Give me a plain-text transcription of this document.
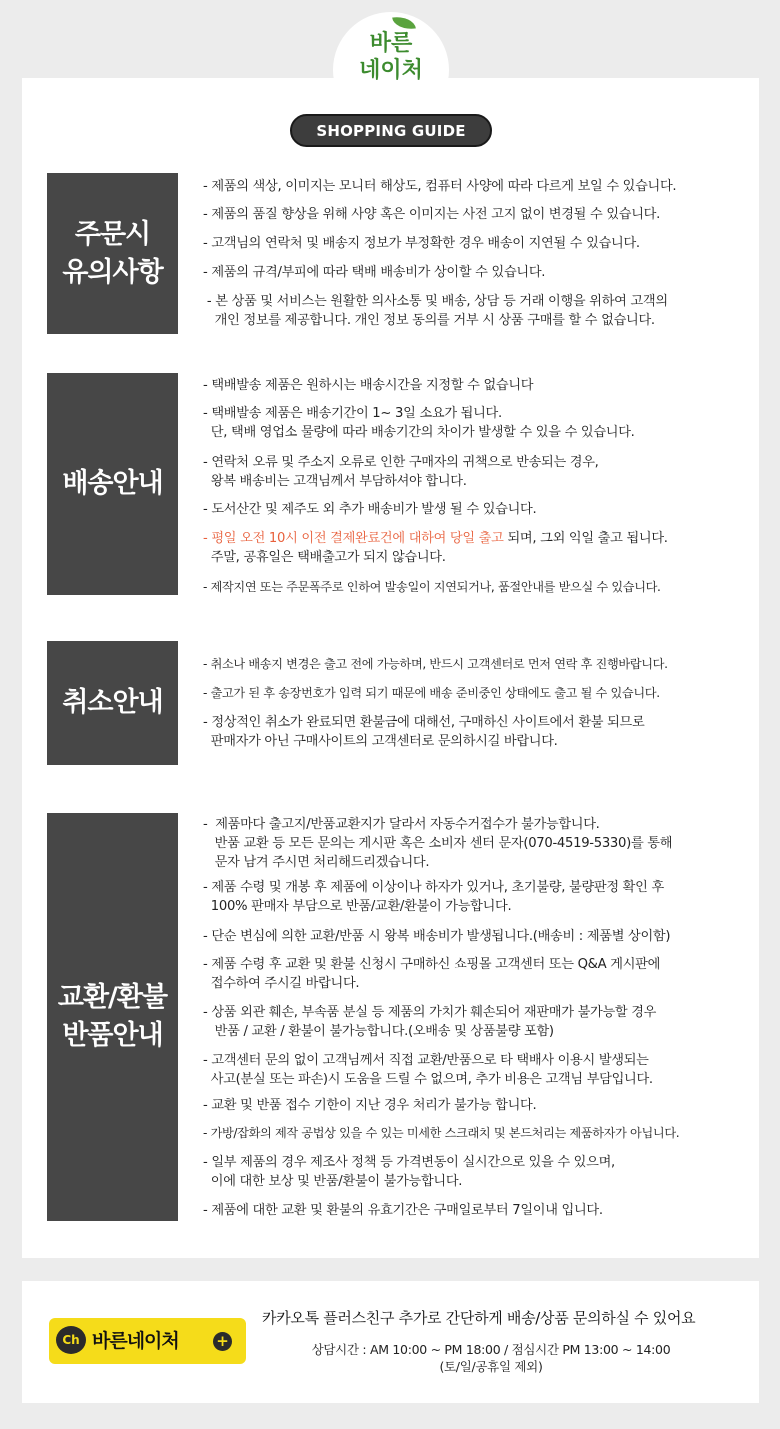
바른
네이처
SHOPPING GUIDE
주문시
유의사항
- 제품의 색상, 이미지는 모니터 해상도, 컴퓨터 사양에 따라 다르게 보일 수 있습니다.
- 제품의 품질 향상을 위해 사양 혹은 이미지는 사전 고지 없이 변경될 수 있습니다.
- 고객님의 연락처 및 배송지 정보가 부정확한 경우 배송이 지연될 수 있습니다.
- 제품의 규격/부피에 따라 택배 배송비가 상이할 수 있습니다.
- 본 상품 및 서비스는 원활한 의사소통 및 배송, 상담 등 거래 이행을 위하여 고객의
개인 정보를 제공합니다. 개인 정보 동의를 거부 시 상품 구매를 할 수 없습니다.
배송안내
- 택배발송 제품은 원하시는 배송시간을 지정할 수 없습니다
- 택배발송 제품은 배송기간이 1~ 3일 소요가 됩니다.
단, 택배 영업소 물량에 따라 배송기간의 차이가 발생할 수 있을 수 있습니다.
- 연락처 오류 및 주소지 오류로 인한 구매자의 귀책으로 반송되는 경우,
왕복 배송비는 고객님께서 부담하셔야 합니다.
- 도서산간 및 제주도 외 추가 배송비가 발생 될 수 있습니다.
- 평일 오전 10시 이전 결제완료건에 대하여 당일 출고 되며, 그외 익일 출고 됩니다.
주말, 공휴일은 택배출고가 되지 않습니다.
- 제작지연 또는 주문폭주로 인하여 발송일이 지연되거나, 품절안내를 받으실 수 있습니다.
취소안내
- 취소나 배송지 변경은 출고 전에 가능하며, 반드시 고객센터로 먼저 연락 후 진행바랍니다.
- 출고가 된 후 송장번호가 입력 되기 때문에 배송 준비중인 상태에도 출고 될 수 있습니다.
- 정상적인 취소가 완료되면 환불금에 대해선, 구매하신 사이트에서 환불 되므로
판매자가 아닌 구매사이트의 고객센터로 문의하시길 바랍니다.
교환/환불
반품안내
-  제품마다 출고지/반품교환지가 달라서 자동수거접수가 불가능합니다.
반품 교환 등 모든 문의는 게시판 혹은 소비자 센터 문자(070-4519-5330)를 통해
문자 남겨 주시면 처리해드리겠습니다.
- 제품 수령 및 개봉 후 제품에 이상이나 하자가 있거나, 초기불량, 불량판정 확인 후
100% 판매자 부담으로 반품/교환/환불이 가능합니다.
- 단순 변심에 의한 교환/반품 시 왕복 배송비가 발생됩니다.(배송비 : 제품별 상이함)
- 제품 수령 후 교환 및 환불 신청시 구매하신 쇼핑몰 고객센터 또는 Q&A 게시판에
접수하여 주시길 바랍니다.
- 상품 외관 훼손, 부속품 분실 등 제품의 가치가 훼손되어 재판매가 불가능할 경우
반품 / 교환 / 환불이 불가능합니다.(오배송 및 상품불량 포함)
- 고객센터 문의 없이 고객님께서 직접 교환/반품으로 타 택배사 이용시 발생되는
사고(분실 또는 파손)시 도움을 드릴 수 없으며, 추가 비용은 고객님 부담입니다.
- 교환 및 반품 접수 기한이 지난 경우 처리가 불가능 합니다.
- 가방/잡화의 제작 공법상 있을 수 있는 미세한 스크래치 및 본드처리는 제품하자가 아닙니다.
- 일부 제품의 경우 제조사 정책 등 가격변동이 실시간으로 있을 수 있으며,
이에 대한 보상 및 반품/환불이 불가능합니다.
- 제품에 대한 교환 및 환불의 유효기간은 구매일로부터 7일이내 입니다.
Ch 바른네이처	+
카카오톡 플러스친구 추가로 간단하게 배송/상품 문의하실 수 있어요
상담시간 : AM 10:00 ~ PM 18:00 / 점심시간 PM 13:00 ~ 14:00
(토/일/공휴일 제외)
